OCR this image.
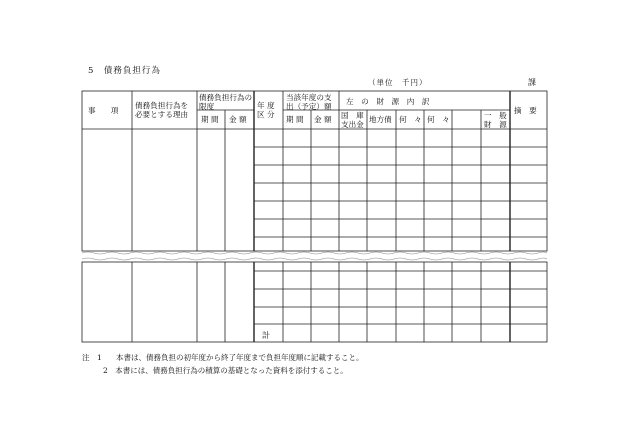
5　債務負担行為
（単位　千円）	課
事　　項
債務負担行為を必要とする理由
債務負担行為の限度
期 間 金 額
年 度区 分
当該年度の支出（予定）額
期 間 金 額
左　の　財　源　内　訳
国　庫支出金
地方債 何　々 何　々	一　般財　源
摘　要
計
注　1 本書は、債務負担の初年度から終了年度まで負担年度順に記載すること。
2　本書には、債務負担行為の積算の基礎となった資料を添付すること。
